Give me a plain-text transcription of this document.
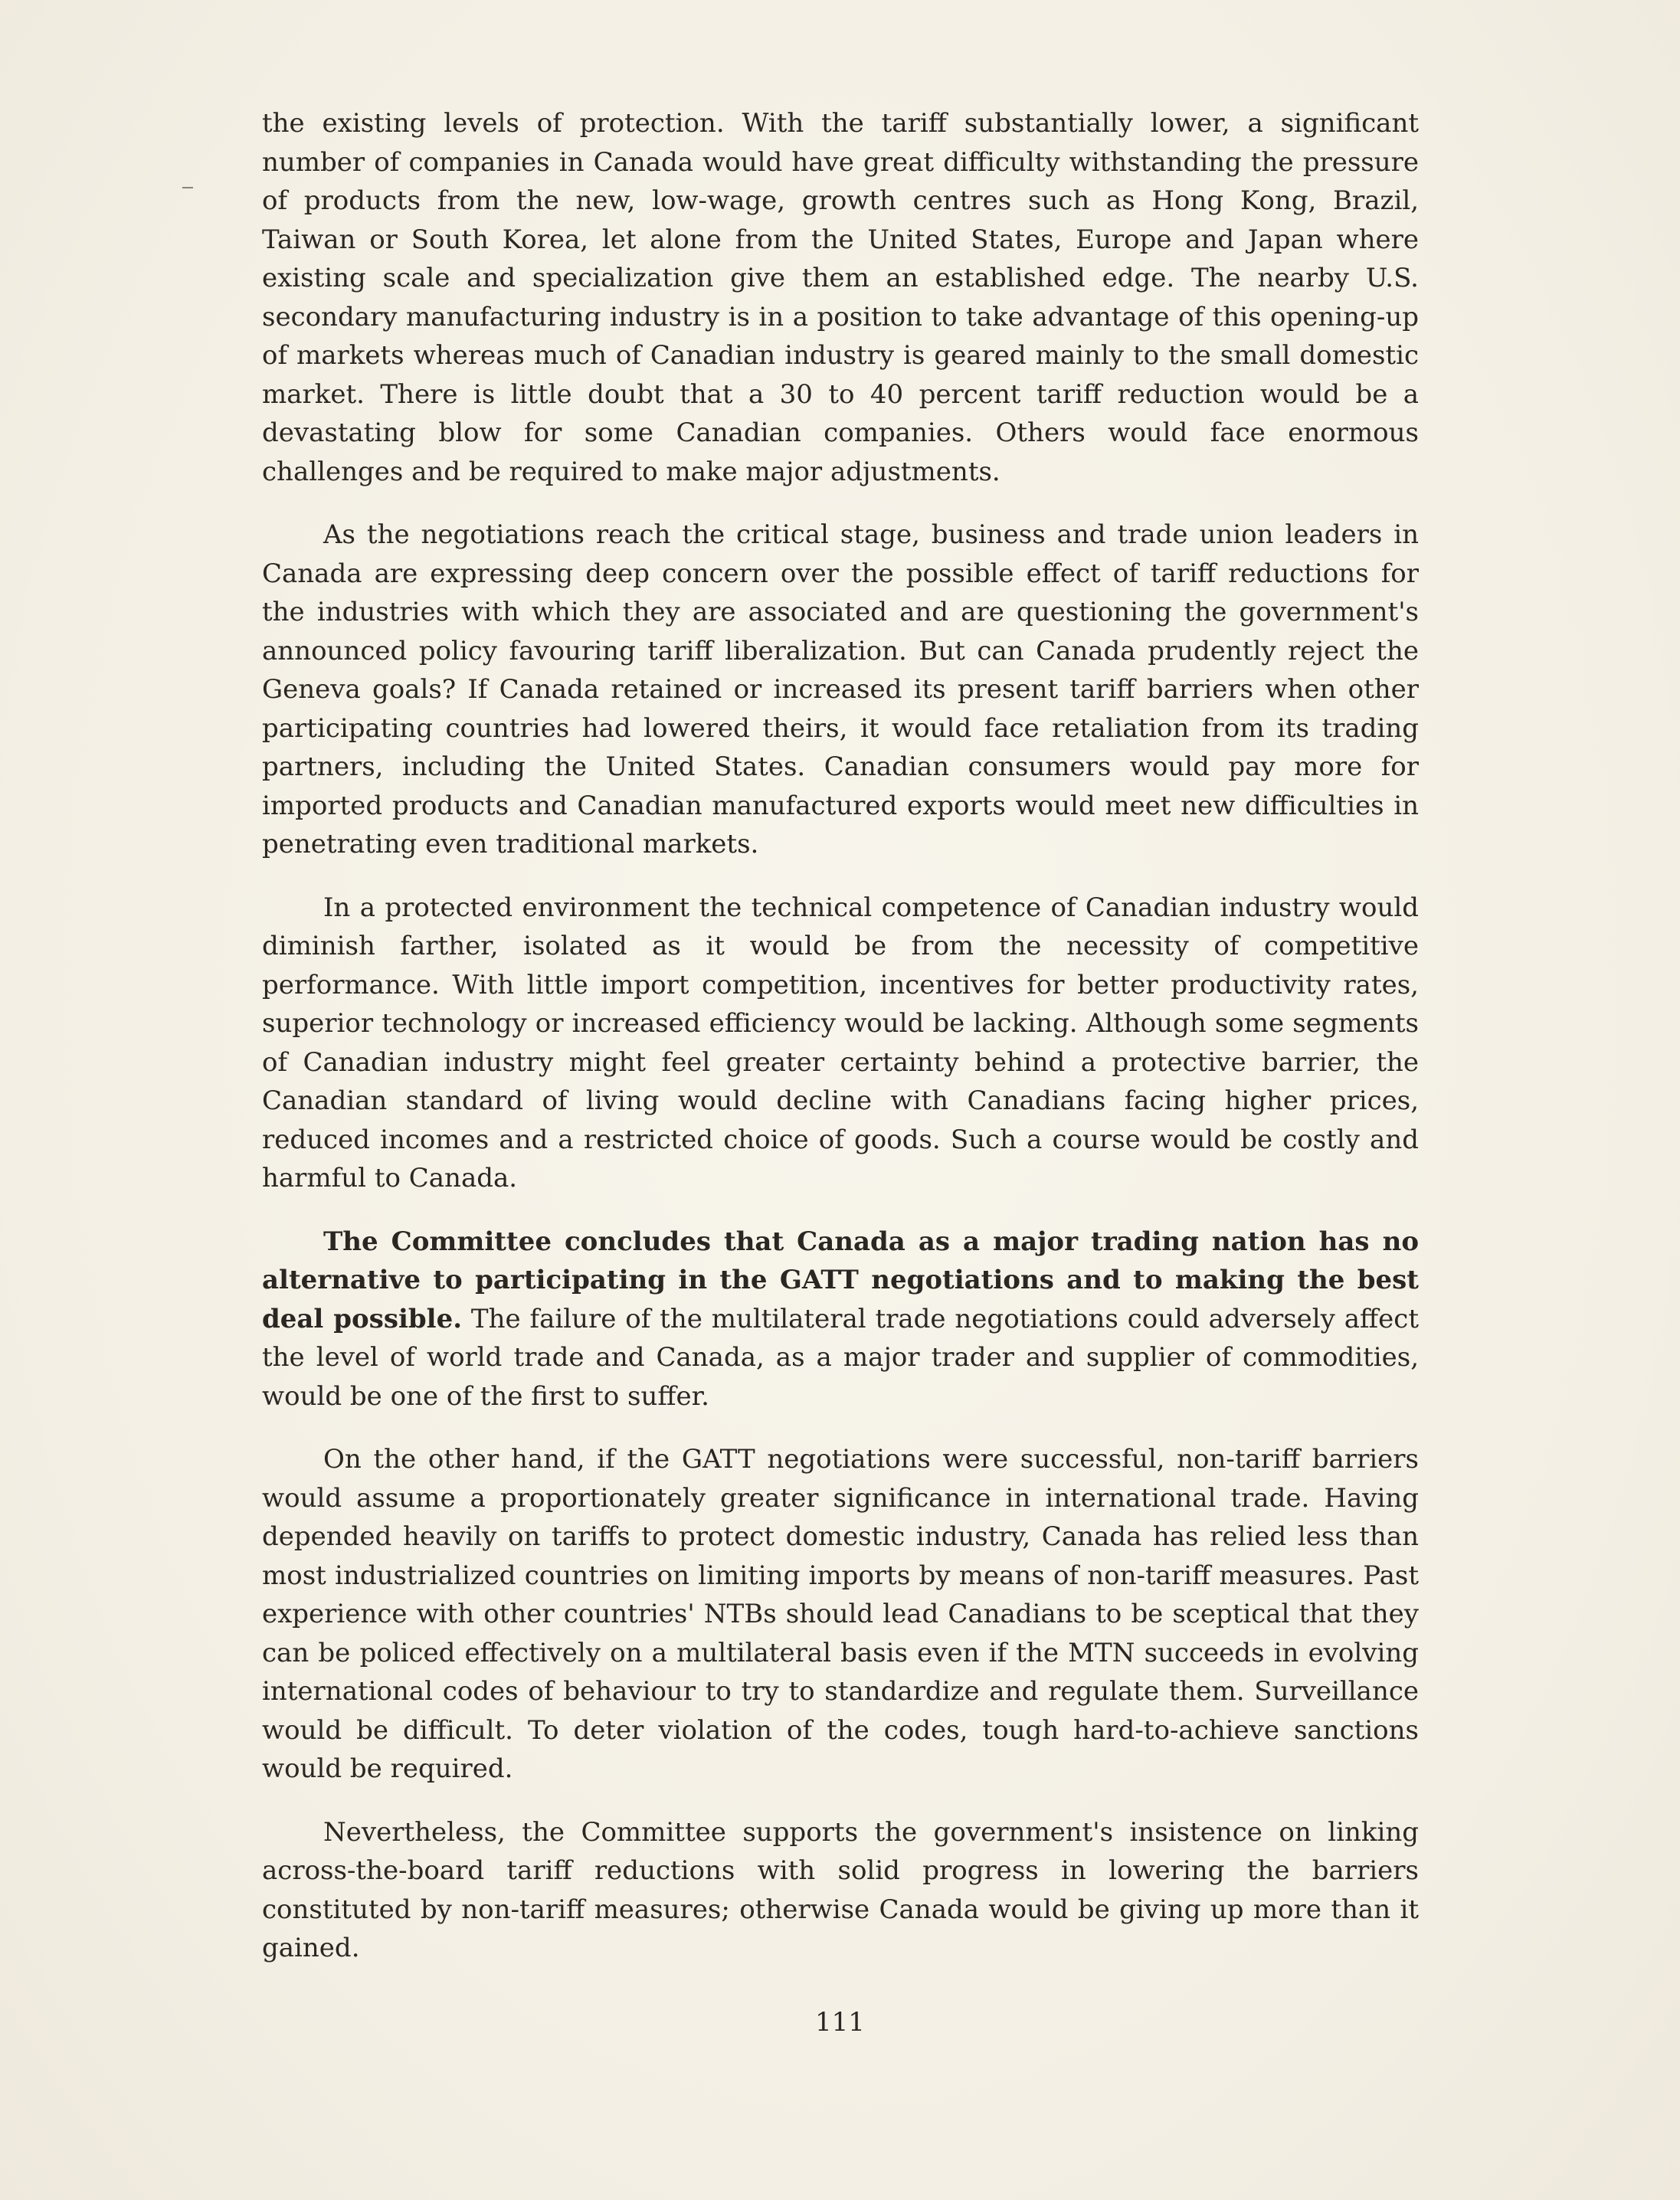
the existing levels of protection. With the tariff substantially lower, a significant number of companies in Canada would have great difficulty withstanding the pressure of products from the new, low-wage, growth centres such as Hong Kong, Brazil, Taiwan or South Korea, let alone from the United States, Europe and Japan where existing scale and specialization give them an established edge. The nearby U.S. secondary manufacturing industry is in a position to take advantage of this opening-up of markets whereas much of Canadian industry is geared mainly to the small domestic market. There is little doubt that a 30 to 40 percent tariff reduction would be a devastating blow for some Canadian companies. Others would face enormous challenges and be required to make major adjustments.

As the negotiations reach the critical stage, business and trade union leaders in Canada are expressing deep concern over the possible effect of tariff reductions for the industries with which they are associated and are questioning the government's announced policy favouring tariff liberalization. But can Canada prudently reject the Geneva goals? If Canada retained or increased its present tariff barriers when other participating countries had lowered theirs, it would face retaliation from its trading partners, including the United States. Canadian consumers would pay more for imported products and Canadian manufactured exports would meet new difficulties in penetrating even traditional markets.

In a protected environment the technical competence of Canadian industry would diminish farther, isolated as it would be from the necessity of competitive performance. With little import competition, incentives for better productivity rates, superior technology or increased efficiency would be lacking. Although some segments of Canadian industry might feel greater certainty behind a protective barrier, the Canadian standard of living would decline with Canadians facing higher prices, reduced incomes and a restricted choice of goods. Such a course would be costly and harmful to Canada.

The Committee concludes that Canada as a major trading nation has no alternative to participating in the GATT negotiations and to making the best deal possible. The failure of the multilateral trade negotiations could adversely affect the level of world trade and Canada, as a major trader and supplier of commodities, would be one of the first to suffer.

On the other hand, if the GATT negotiations were successful, non-tariff barriers would assume a proportionately greater significance in international trade. Having depended heavily on tariffs to protect domestic industry, Canada has relied less than most industrialized countries on limiting imports by means of non-tariff measures. Past experience with other countries' NTBs should lead Canadians to be sceptical that they can be policed effectively on a multilateral basis even if the MTN succeeds in evolving international codes of behaviour to try to standardize and regulate them. Surveillance would be difficult. To deter violation of the codes, tough hard-to-achieve sanctions would be required.

Nevertheless, the Committee supports the government's insistence on linking across-the-board tariff reductions with solid progress in lowering the barriers constituted by non-tariff measures; otherwise Canada would be giving up more than it gained.

111
